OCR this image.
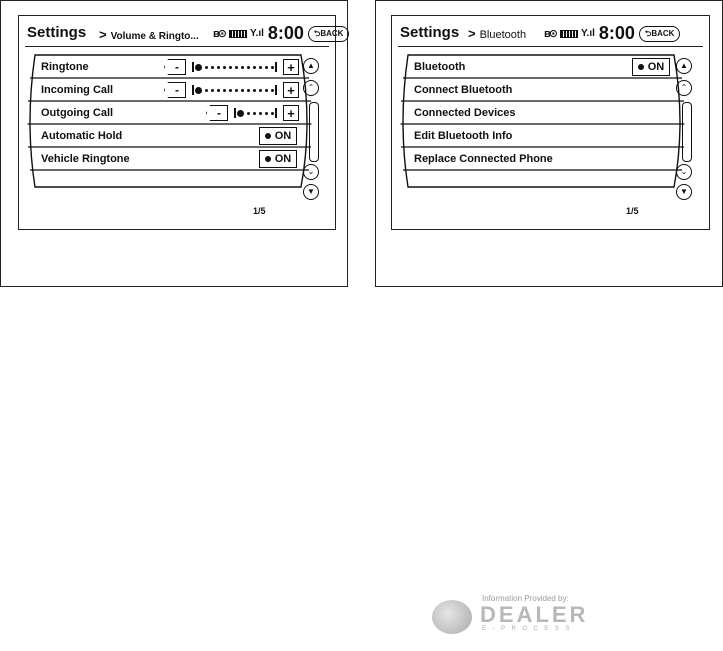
Settings > Volume & Ringto... ʙ⊙	Y.ıl 8:00	⮌BACK
Ringtone	-	+
Incoming Call	-	+
Outgoing Call	-	+
Automatic Hold	ON
Vehicle Ringtone	ON
▲
⌃
⌄
▼
1/5
Settings > Bluetooth ʙ⊙	Y.ıl 8:00	⮌BACK
Bluetooth	ON
Connect Bluetooth
Connected Devices
Edit Bluetooth Info
Replace Connected Phone
▲
⌃
⌄
▼
1/5
Information Provided by:
DEALER
E-PROCESS
